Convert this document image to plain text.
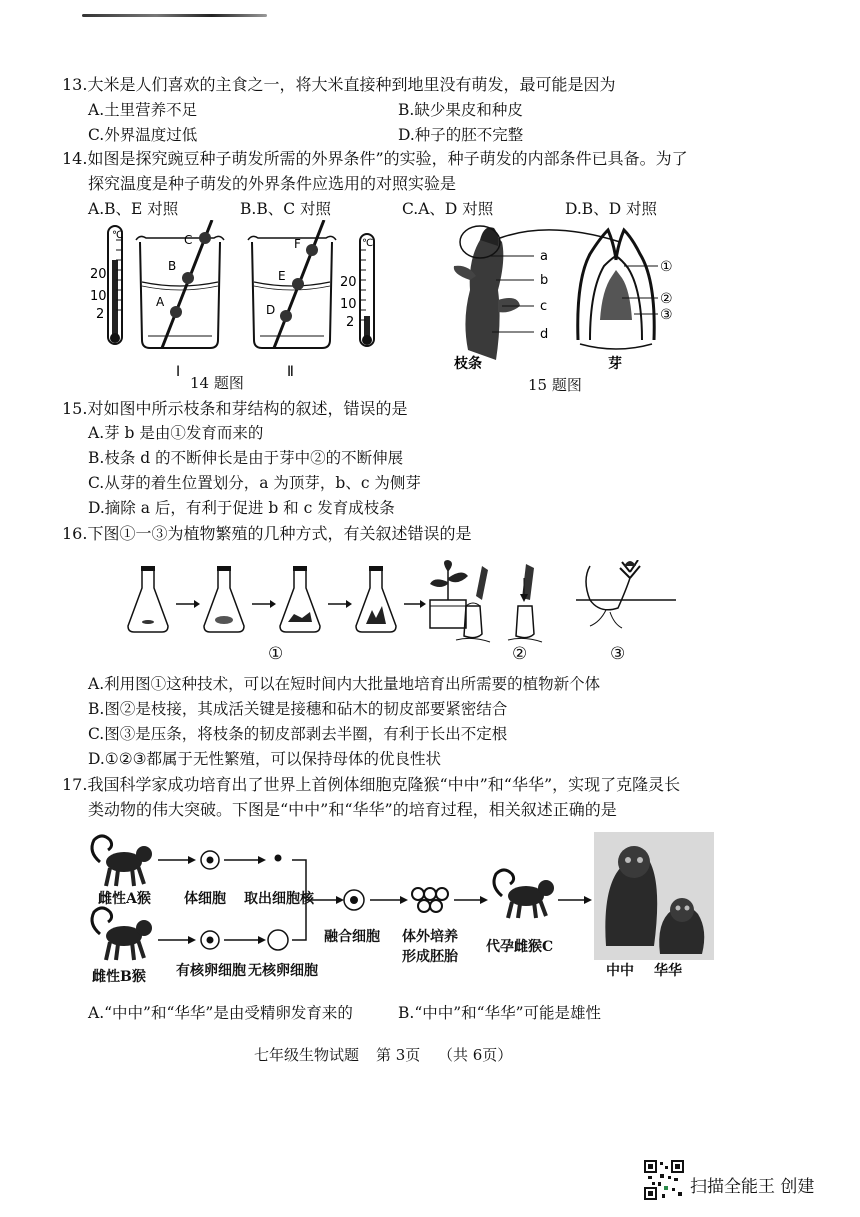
13.大米是人们喜欢的主食之一，将大米直接种到地里没有萌发，最可能是因为
A.土里营养不足	B.缺少果皮和种皮
C.外界温度过低	D.种子的胚不完整
14.如图是探究豌豆种子萌发所需的外界条件”的实验，种子萌发的内部条件已具备。为了
探究温度是种子萌发的外界条件应选用的对照实验是
A.B、E 对照	B.B、C 对照	C.A、D 对照	D.B、D 对照
℃
20
10
2
C
B
A
Ⅰ
F
E
D
Ⅱ
℃
20
10
2
14 题图
a
b
c
d
枝条
①
②
③
芽
15 题图
15.对如图中所示枝条和芽结构的叙述，错误的是
A.芽 b 是由①发育而来的
B.枝条 d 的不断伸长是由于芽中②的不断伸展
C.从芽的着生位置划分，a 为顶芽，b、c 为侧芽
D.摘除 a 后，有利于促进 b 和 c 发育成枝条
16.下图①一③为植物繁殖的几种方式，有关叙述错误的是
①	②	③
A.利用图①这种技术，可以在短时间内大批量地培育出所需要的植物新个体
B.图②是枝接，其成活关键是接穗和砧木的韧皮部要紧密结合
C.图③是压条，将枝条的韧皮部剥去半圈，有利于长出不定根
D.①②③都属于无性繁殖，可以保持母体的优良性状
17.我国科学家成功培育出了世界上首例体细胞克隆猴“中中”和“华华”，实现了克隆灵长
类动物的伟大突破。下图是“中中”和“华华”的培育过程，相关叙述正确的是
雌性A猴 体细胞 取出细胞核
融合细胞 体外培养
形成胚胎
代孕雌猴C
雌性B猴 有核卵细胞 无核卵细胞	中中 华华
A.“中中”和“华华”是由受精卵发育来的	B.“中中”和“华华”可能是雄性
七年级生物试题 第 3页 （共 6页）
扫描全能王 创建
